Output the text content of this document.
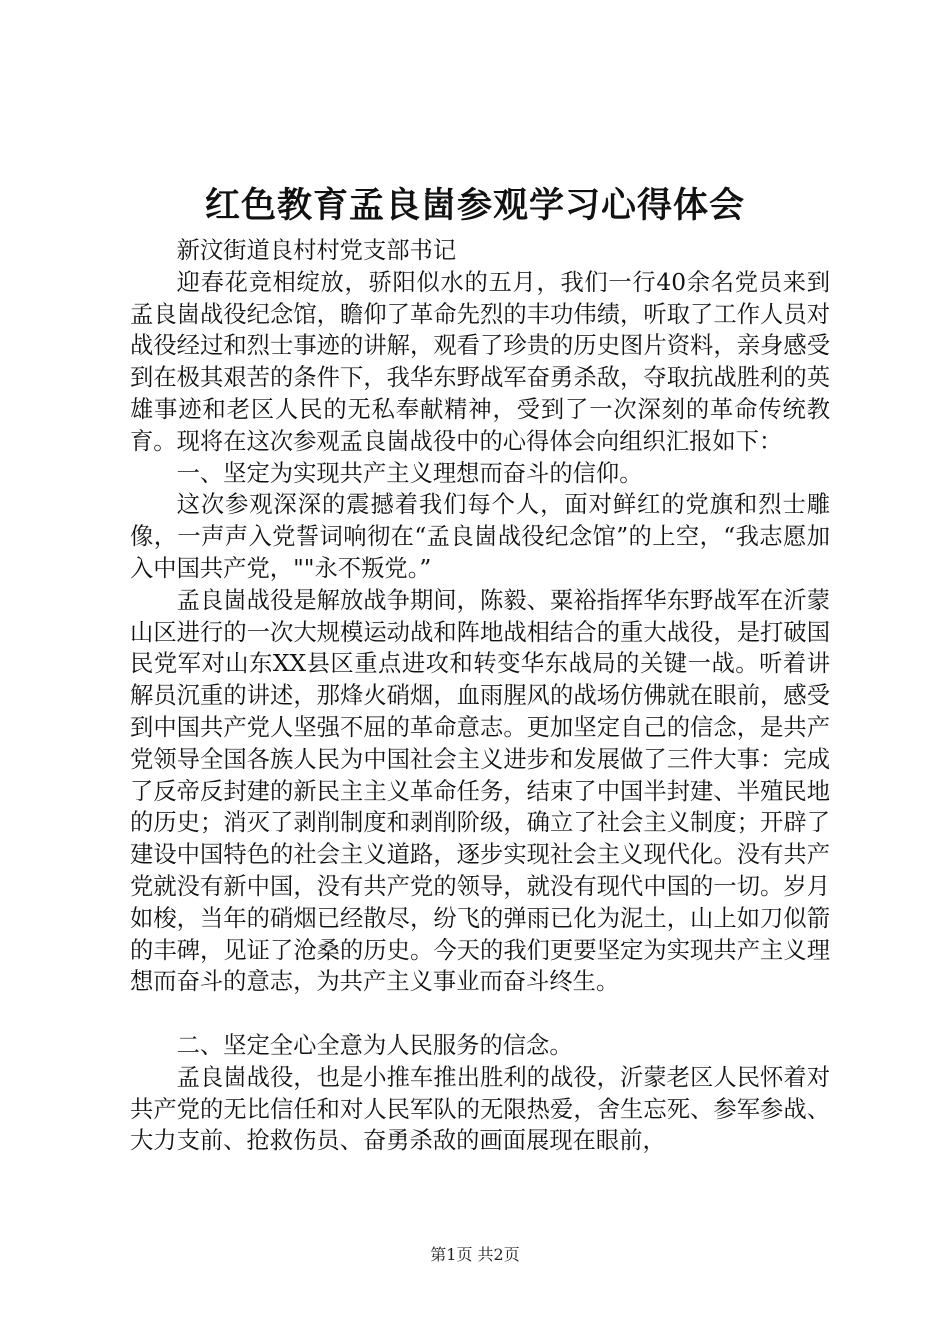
红色教育孟良崮参观学习心得体会

新汶街道良村村党支部书记

迎春花竞相绽放，骄阳似水的五月，我们一行40余名党员来到孟良崮战役纪念馆，瞻仰了革命先烈的丰功伟绩，听取了工作人员对战役经过和烈士事迹的讲解，观看了珍贵的历史图片资料，亲身感受到在极其艰苦的条件下，我华东野战军奋勇杀敌，夺取抗战胜利的英雄事迹和老区人民的无私奉献精神，受到了一次深刻的革命传统教育。现将在这次参观孟良崮战役中的心得体会向组织汇报如下：

一、坚定为实现共产主义理想而奋斗的信仰。

这次参观深深的震撼着我们每个人，面对鲜红的党旗和烈士雕像，一声声入党誓词响彻在“孟良崮战役纪念馆”的上空，“我志愿加入中国共产党，""永不叛党。”

孟良崮战役是解放战争期间，陈毅、粟裕指挥华东野战军在沂蒙山区进行的一次大规模运动战和阵地战相结合的重大战役，是打破国民党军对山东XX县区重点进攻和转变华东战局的关键一战。听着讲解员沉重的讲述，那烽火硝烟，血雨腥风的战场仿佛就在眼前，感受到中国共产党人坚强不屈的革命意志。更加坚定自己的信念，是共产党领导全国各族人民为中国社会主义进步和发展做了三件大事：完成了反帝反封建的新民主主义革命任务，结束了中国半封建、半殖民地的历史；消灭了剥削制度和剥削阶级，确立了社会主义制度；开辟了建设中国特色的社会主义道路，逐步实现社会主义现代化。没有共产党就没有新中国，没有共产党的领导，就没有现代中国的一切。岁月如梭，当年的硝烟已经散尽，纷飞的弹雨已化为泥土，山上如刀似箭的丰碑，见证了沧桑的历史。今天的我们更要坚定为实现共产主义理想而奋斗的意志，为共产主义事业而奋斗终生。

二、坚定全心全意为人民服务的信念。

孟良崮战役，也是小推车推出胜利的战役，沂蒙老区人民怀着对共产党的无比信任和对人民军队的无限热爱，舍生忘死、参军参战、大力支前、抢救伤员、奋勇杀敌的画面展现在眼前，

第1页 共2页
